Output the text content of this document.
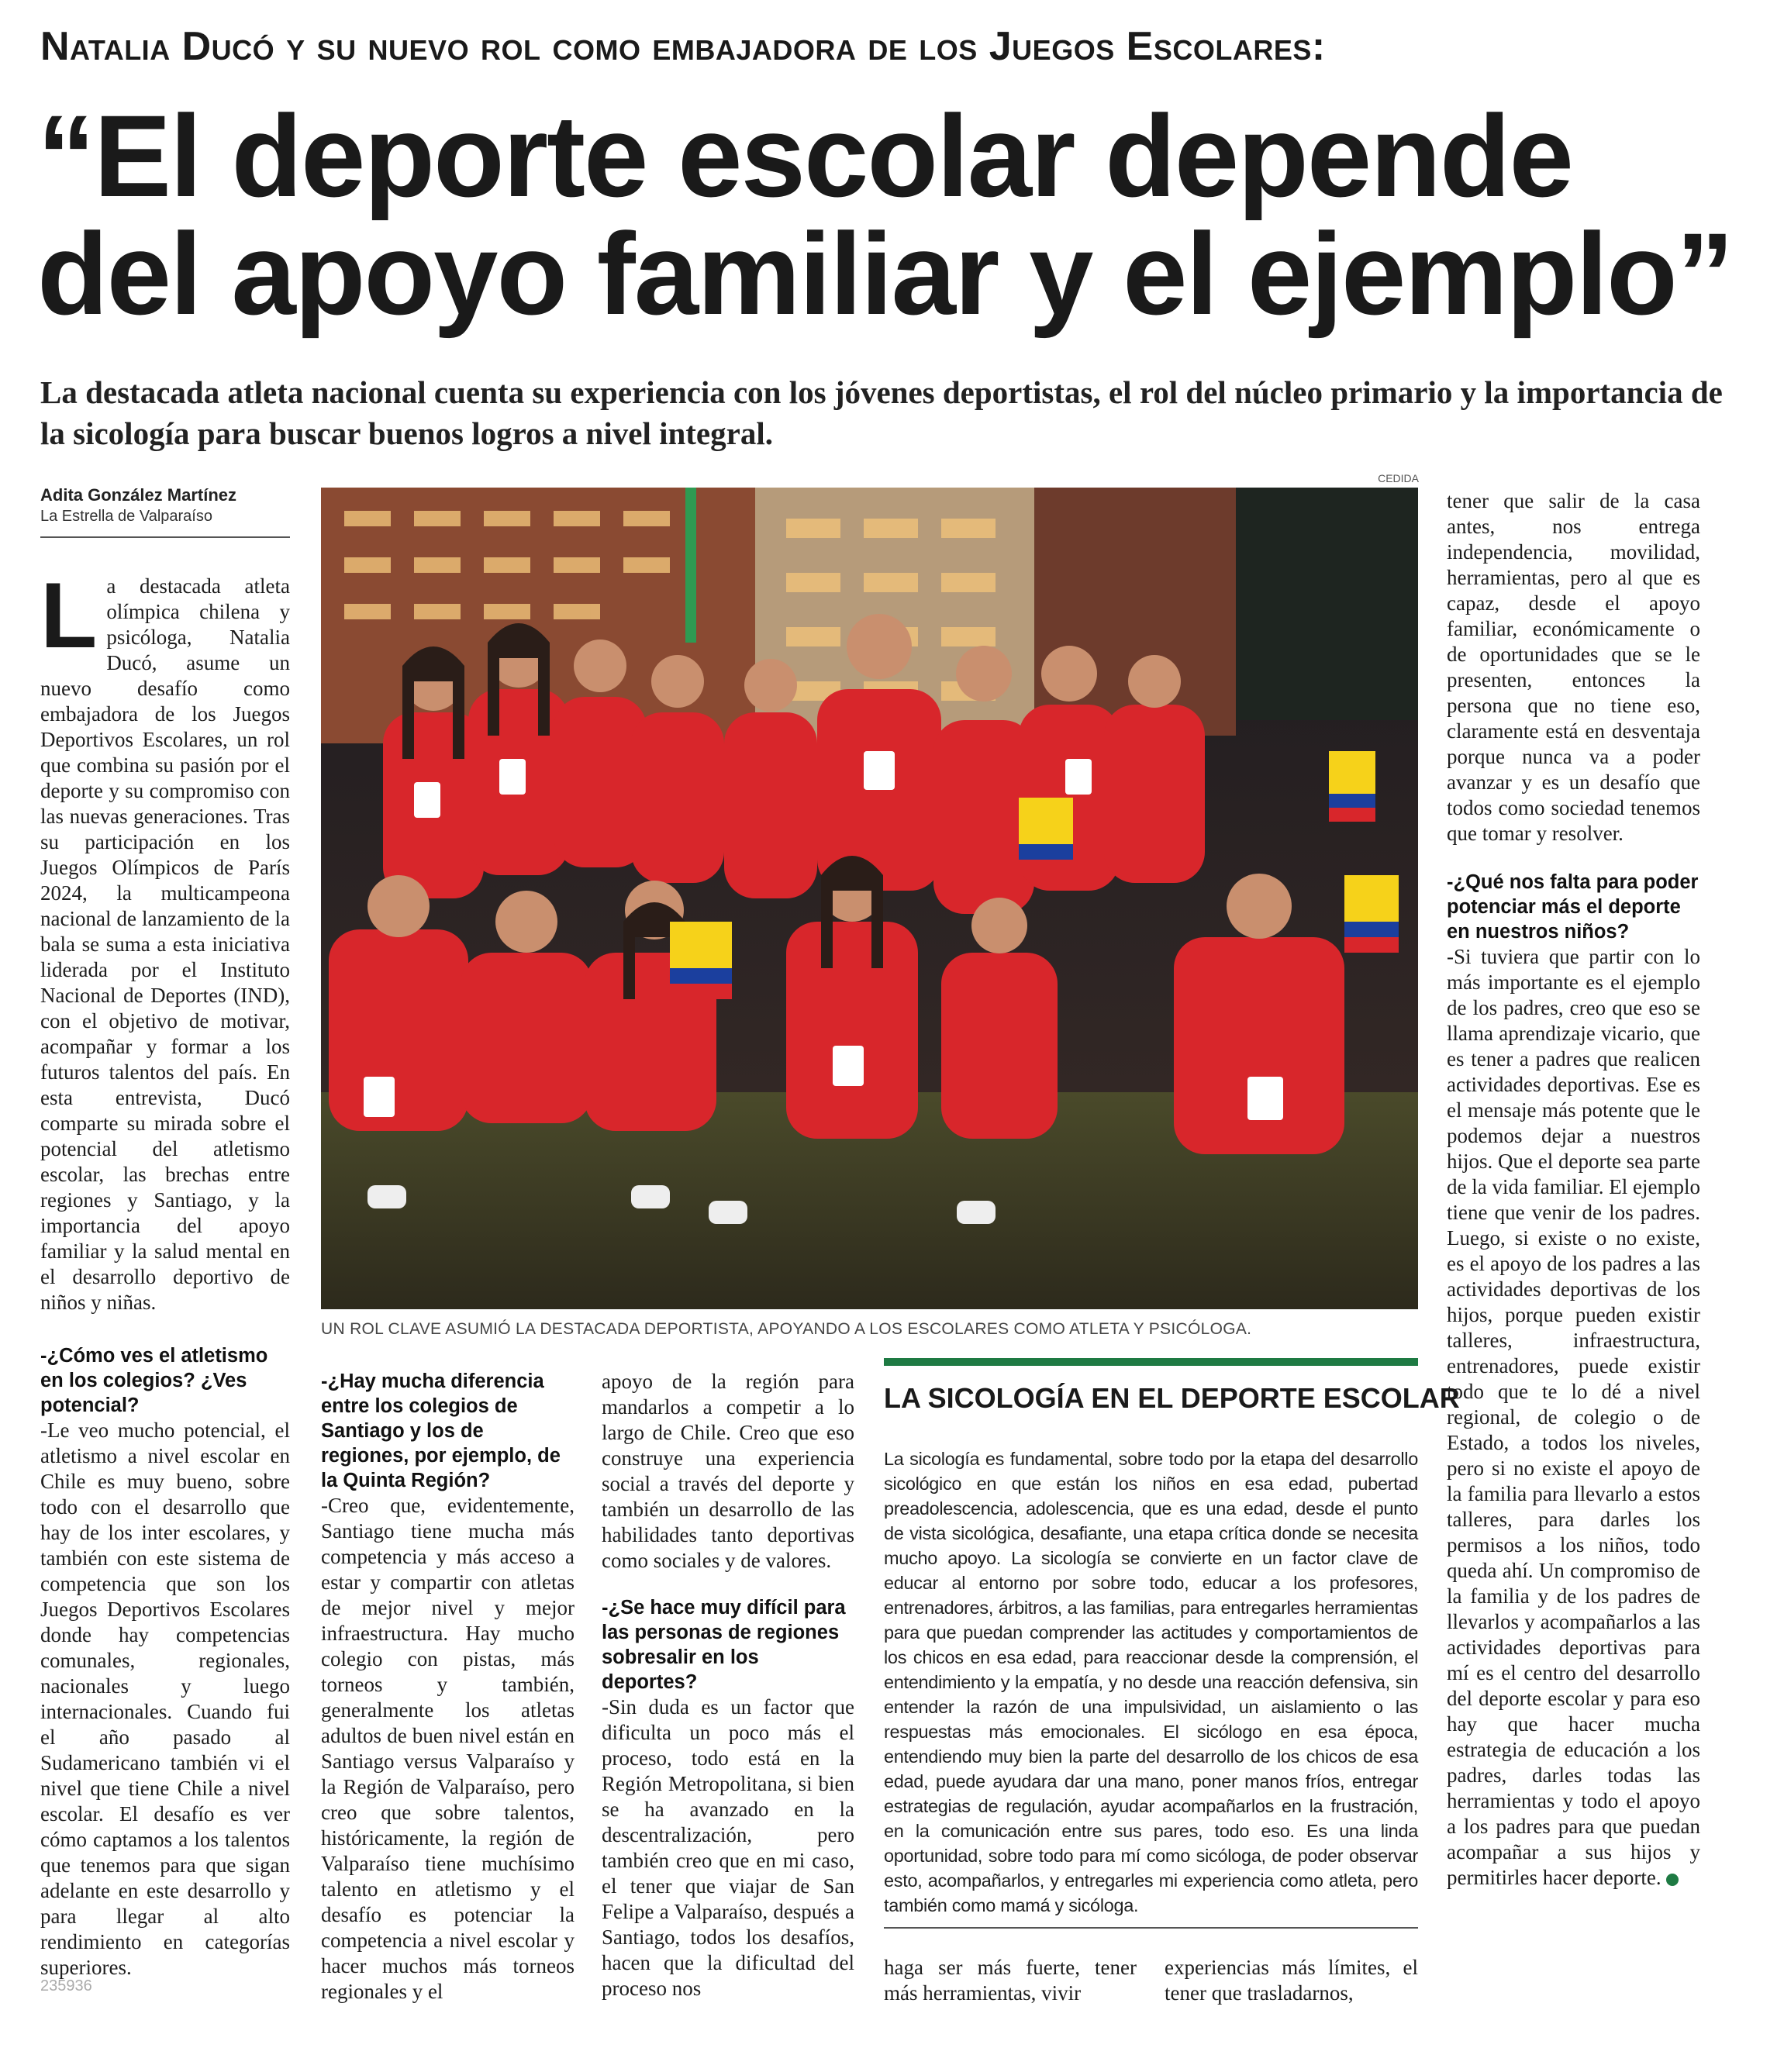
Natalia Ducó y su nuevo rol como embajadora de los Juegos Escolares:
“El deporte escolar depende del apoyo familiar y el ejemplo”
La destacada atleta nacional cuenta su experiencia con los jóvenes deportistas, el rol del núcleo primario y la importancia de la sicología para buscar buenos logros a nivel integral.
Adita González Martínez
La Estrella de Valparaíso
CEDIDA
UN ROL CLAVE ASUMIÓ LA DESTACADA DEPORTISTA, APOYANDO A LOS ESCOLARES COMO ATLETA Y PSICÓLOGA.

La destacada atleta olímpica chilena y psicóloga, Natalia Ducó, asume un nuevo desafío como embajadora de los Juegos Deportivos Escolares, un rol que combina su pasión por el deporte y su compromiso con las nuevas generaciones. Tras su participación en los Juegos Olímpicos de París 2024, la multicampeona nacional de lanzamiento de la bala se suma a esta iniciativa liderada por el Instituto Nacional de Deportes (IND), con el objetivo de motivar, acompañar y formar a los futuros talentos del país. En esta entrevista, Ducó comparte su mirada sobre el potencial del atletismo escolar, las brechas entre regiones y Santiago, y la importancia del apoyo familiar y la salud mental en el desarrollo deportivo de niños y niñas.

-¿Cómo ves el atletismo en los colegios? ¿Ves potencial?

-Le veo mucho potencial, el atletismo a nivel escolar en Chile es muy bueno, sobre todo con el desarrollo que hay de los inter escolares, y también con este sistema de competencia que son los Juegos Deportivos Escolares donde hay competencias comunales, regionales, nacionales y luego internacionales. Cuando fui el año pasado al Sudamericano también vi el nivel que tiene Chile a nivel escolar. El desafío es ver cómo captamos a los talentos que tenemos para que sigan adelante en este desarrollo y para llegar al alto rendimiento en categorías superiores.

-¿Hay mucha diferencia entre los colegios de Santiago y los de regiones, por ejemplo, de la Quinta Región?

-Creo que, evidentemente, Santiago tiene mucha más competencia y más acceso a estar y compartir con atletas de mejor nivel y mejor infraestructura. Hay mucho colegio con pistas, más torneos y también, generalmente los atletas adultos de buen nivel están en Santiago versus Valparaíso y la Región de Valparaíso, pero creo que sobre talentos, históricamente, la región de Valparaíso tiene muchísimo talento en atletismo y el desafío es potenciar la competencia a nivel escolar y hacer muchos más torneos regionales y el

apoyo de la región para mandarlos a competir a lo largo de Chile. Creo que eso construye una experiencia social a través del deporte y también un desarrollo de las habilidades tanto deportivas como sociales y de valores.

-¿Se hace muy difícil para las personas de regiones sobresalir en los deportes?

-Sin duda es un factor que dificulta un poco más el proceso, todo está en la Región Metropolitana, si bien se ha avanzado en la descentralización, pero también creo que en mi caso, el tener que viajar de San Felipe a Valparaíso, después a Santiago, todos los desafíos, hacen que la dificultad del proceso nos

LA SICOLOGÍA EN EL DEPORTE ESCOLAR
La sicología es fundamental, sobre todo por la etapa del desarrollo sicológico en que están los niños en esa edad, pubertad preadolescencia, adolescencia, que es una edad, desde el punto de vista sicológica, desafiante, una etapa crítica donde se necesita mucho apoyo. La sicología se convierte en un factor clave de educar al entorno por sobre todo, educar a los profesores, entrenadores, árbitros, a las familias, para entregarles herramientas para que puedan comprender las actitudes y comportamientos de los chicos en esa edad, para reaccionar desde la comprensión, el entendimiento y la empatía, y no desde una reacción defensiva, sin entender la razón de una impulsividad, un aislamiento o las respuestas más emocionales. El sicólogo en esa época, entendiendo muy bien la parte del desarrollo de los chicos de esa edad, puede ayudara dar una mano, poner manos fríos, entregar estrategias de regulación, ayudar acompañarlos en la frustración, en la comunicación entre sus pares, todo eso. Es una linda oportunidad, sobre todo para mí como sicóloga, de poder observar esto, acompañarlos, y entregarles mi experiencia como atleta, pero también como mamá y sicóloga.
haga ser más fuerte, tener más herramientas, vivir
experiencias más límites, el tener que trasladarnos,

tener que salir de la casa antes, nos entrega independencia, movilidad, herramientas, pero al que es capaz, desde el apoyo familiar, económicamente o de oportunidades que se le presenten, entonces la persona que no tiene eso, claramente está en desventaja porque nunca va a poder avanzar y es un desafío que todos como sociedad tenemos que tomar y resolver.

-¿Qué nos falta para poder potenciar más el deporte en nuestros niños?

-Si tuviera que partir con lo más importante es el ejemplo de los padres, creo que eso se llama aprendizaje vicario, que es tener a padres que realicen actividades deportivas. Ese es el mensaje más potente que le podemos dejar a nuestros hijos. Que el deporte sea parte de la vida familiar. El ejemplo tiene que venir de los padres. Luego, si existe o no existe, es el apoyo de los padres a las actividades deportivas de los hijos, porque pueden existir talleres, infraestructura, entrenadores, puede existir todo que te lo dé a nivel regional, de colegio o de Estado, a todos los niveles, pero si no existe el apoyo de la familia para llevarlo a estos talleres, para darles los permisos a los niños, todo queda ahí. Un compromiso de la familia y de los padres de llevarlos y acompañarlos a las actividades deportivas para mí es el centro del desarrollo del deporte escolar y para eso hay que hacer mucha estrategia de educación a los padres, darles todas las herramientas y todo el apoyo a los padres para que puedan acompañar a sus hijos y permitirles hacer deporte.

235936
